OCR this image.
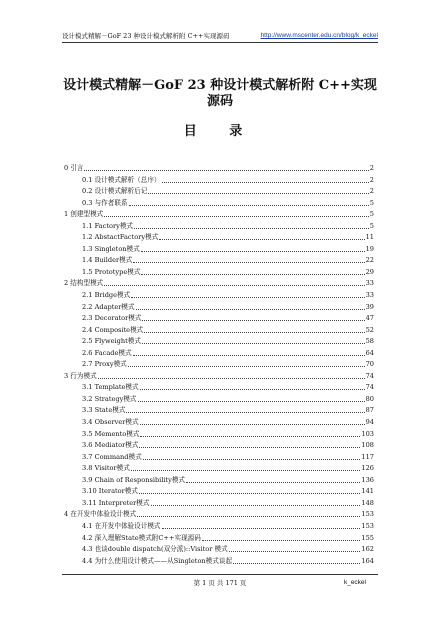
设计模式精解－GoF 23 种设计模式解析附 C++实现源码	http://www.mscenter.edu.cn/blog/k_eckel
设计模式精解－GoF 23 种设计模式解析附 C++实现源码
目 录
0 引言	2
0.1 设计模式解析（总序）	2
0.2 设计模式解析后记	2
0.3 与作者联系	5
1 创建型模式	5
1.1 Factory模式	5
1.2 AbstactFactory模式	11
1.3 Singleton模式	19
1.4 Builder模式	22
1.5 Prototype模式	29
2 结构型模式	33
2.1 Bridge模式	33
2.2 Adapter模式	39
2.3 Decorator模式	47
2.4 Composite模式	52
2.5 Flyweight模式	58
2.6 Facade模式	64
2.7 Proxy模式	70
3 行为模式	74
3.1 Template模式	74
3.2 Strategy模式	80
3.3 State模式	87
3.4 Observer模式	94
3.5 Memento模式	103
3.6 Mediator模式	108
3.7 Command模式	117
3.8 Visitor模式	126
3.9 Chain of Responsibility模式	136
3.10 Iterator模式	141
3.11 Interpreter模式	148
4 在开发中体验设计模式	153
4.1 在开发中体验设计模式	153
4.2 深入理解State模式附C++实现源码	155
4.3 也谈double dispatch(双分派)::Visitor 模式	162
4.4 为什么使用设计模式——从Singleton模式谈起	164
第 1 页 共 171 页	k_eckel
